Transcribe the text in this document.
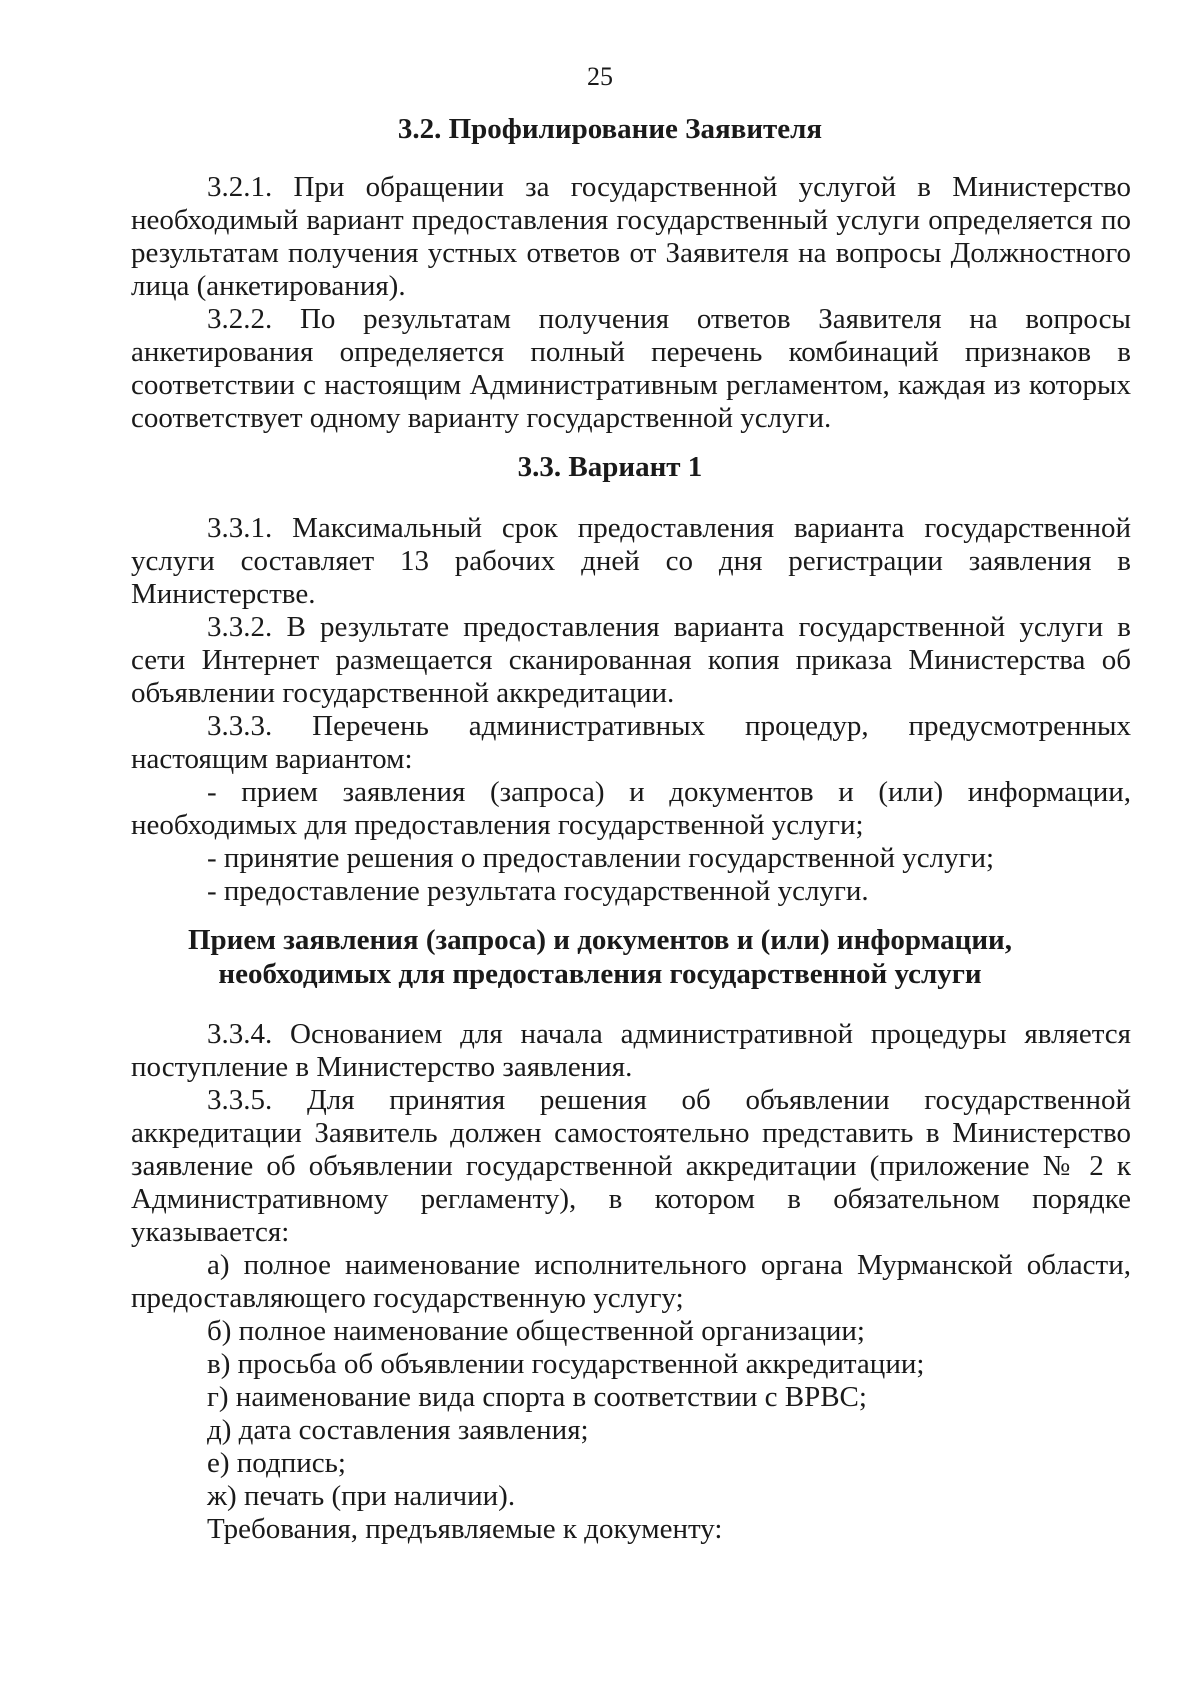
25
3.2. Профилирование Заявителя
3.2.1. При обращении за государственной услугой в Министерство необходимый вариант предоставления государственный услуги определяется по результатам получения устных ответов от Заявителя на вопросы Должностного лица (анкетирования).
3.2.2. По результатам получения ответов Заявителя на вопросы анкетирования определяется полный перечень комбинаций признаков в соответствии с настоящим Административным регламентом, каждая из которых соответствует одному варианту государственной услуги.
3.3. Вариант 1
3.3.1. Максимальный срок предоставления варианта государственной услуги составляет 13 рабочих дней со дня регистрации заявления в Министерстве.
3.3.2. В результате предоставления варианта государственной услуги в сети Интернет размещается сканированная копия приказа Министерства об объявлении государственной аккредитации.
3.3.3. Перечень административных процедур, предусмотренных настоящим вариантом:
- прием заявления (запроса) и документов и (или) информации, необходимых для предоставления государственной услуги;
- принятие решения о предоставлении государственной услуги;
- предоставление результата государственной услуги.
Прием заявления (запроса) и документов и (или) информации,
необходимых для предоставления государственной услуги
3.3.4. Основанием для начала административной процедуры является поступление в Министерство заявления.
3.3.5. Для принятия решения об объявлении государственной аккредитации Заявитель должен самостоятельно представить в Министерство заявление об объявлении государственной аккредитации (приложение № 2 к Административному регламенту), в котором в обязательном порядке указывается:
а) полное наименование исполнительного органа Мурманской области, предоставляющего государственную услугу;
б) полное наименование общественной организации;
в) просьба об объявлении государственной аккредитации;
г) наименование вида спорта в соответствии с ВРВС;
д) дата составления заявления;
е) подпись;
ж) печать (при наличии).
Требования, предъявляемые к документу:
